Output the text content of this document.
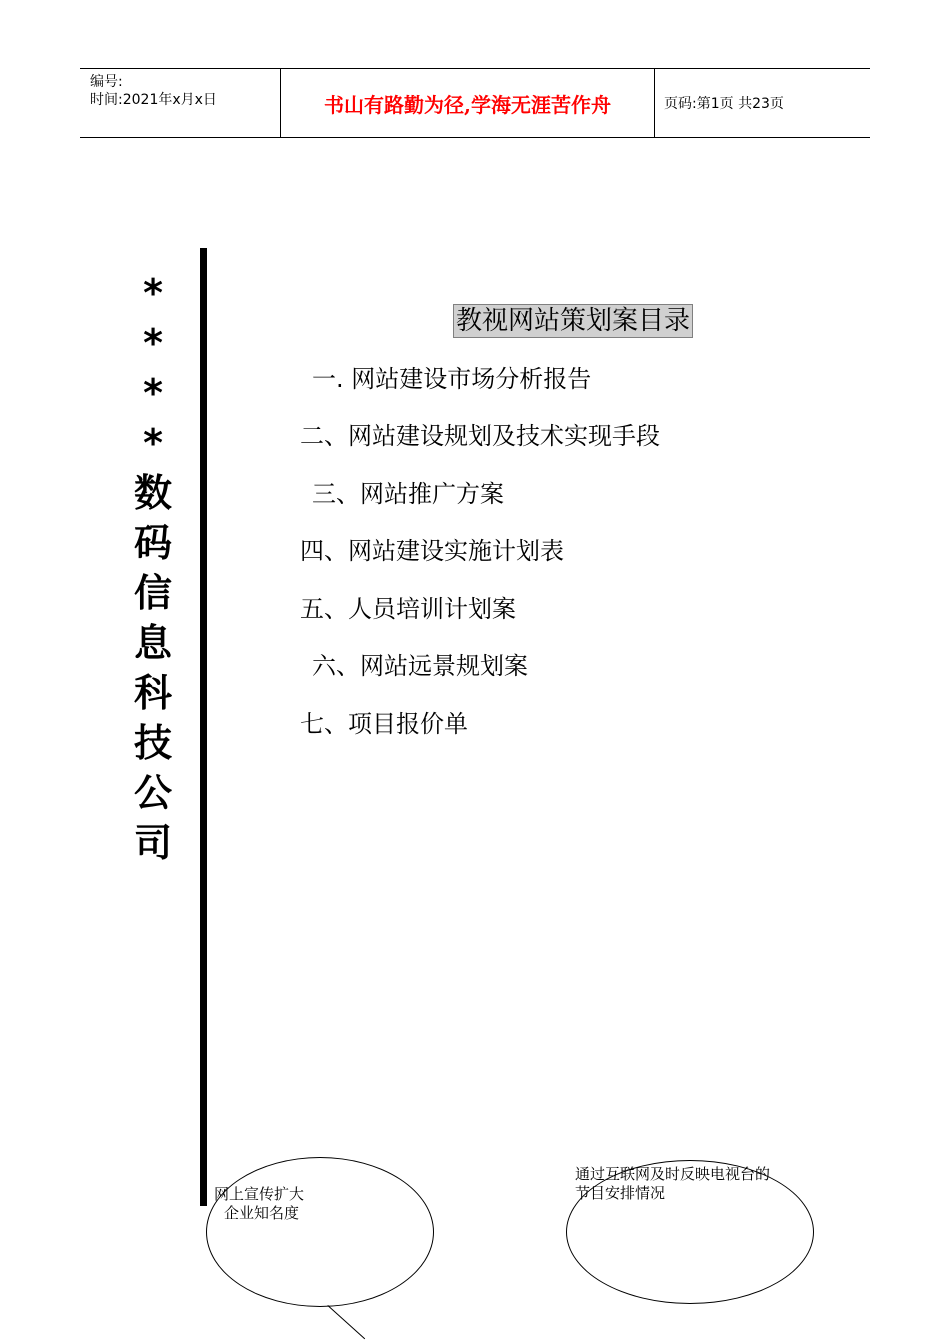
编号:
时间:2021年x月x日	书山有路勤为径,学海无涯苦作舟	页码:第1页 共23页
*
*
*
*
数
码
信
息
科
技
公
司
教视网站策划案目录
一. 网站建设市场分析报告
二、网站建设规划及技术实现手段
三、网站推广方案
四、网站建设实施计划表
五、人员培训计划案
六、网站远景规划案
七、项目报价单
网上宣传扩大
企业知名度
通过互联网及时反映电视台的
节目安排情况
